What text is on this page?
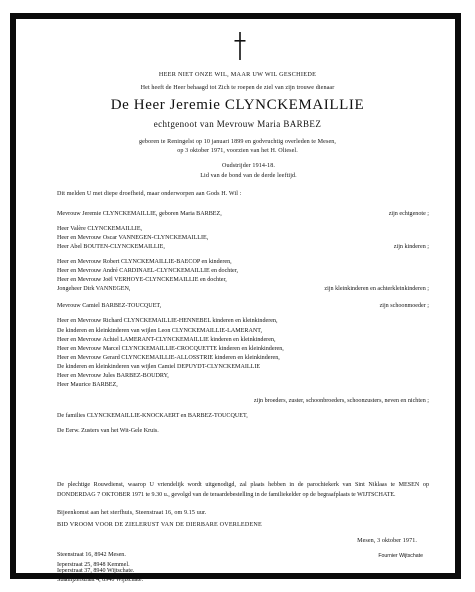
HEER NIET ONZE WIL, MAAR UW WIL GESCHIEDE
Het heeft de Heer behaagd tot Zich te roepen de ziel van zijn trouwe dienaar
De Heer Jeremie CLYNCKEMAILLIE
echtgenoot van Mevrouw Maria BARBEZ
geboren te Reningelst op 10 januari 1899 en godvruchtig overleden te Mesen,
op 3 oktober 1971, voorzien van het H. Oliesel.
Oudstrijder 1914-18.
Lid van de bond van de derde leeftijd.
Dit melden U met diepe droefheid, maar onderworpen aan Gods H. Wil :
Mevrouw Jeremie CLYNCKEMAILLIE, geboren Maria BARBEZ,	zijn echtgenote ;
Heer Valère CLYNCKEMAILLIE,
Heer en Mevrouw Oscar VANNEGEN-CLYNCKEMAILLIE,
Heer Abel BOUTEN-CLYNCKEMAILLIE,	zijn kinderen ;
Heer en Mevrouw Robert CLYNCKEMAILLIE-BAECOP en kinderen,
Heer en Mevrouw André CARDINAEL-CLYNCKEMAILLIE en dochter,
Heer en Mevrouw Joël VERHOYE-CLYNCKEMAILLIE en dochter,
Jongeheer Dirk VANNEGEN,	zijn kleinkinderen en achterkleinkinderen ;
Mevrouw Camiel BARBEZ-TOUCQUET,	zijn schoonmoeder ;
Heer en Mevrouw Richard CLYNCKEMAILLIE-HENNEBEL kinderen en kleinkinderen,
De kinderen en kleinkinderen van wijlen Leon CLYNCKEMAILLIE-LAMERANT,
Heer en Mevrouw Achiel LAMERANT-CLYNCKEMAILLIE kinderen en kleinkinderen,
Heer en Mevrouw Marcel CLYNCKEMAILLIE-CROCQUETTE kinderen en kleinkinderen,
Heer en Mevrouw Gerard CLYNCKEMAILLIE-ALLOSSTRIE kinderen en kleinkinderen,
De kinderen en kleinkinderen van wijlen Camiel DEPUYDT-CLYNCKEMAILLIE
Heer en Mevrouw Jules BARBEZ-BOUDRY,
Heer Maurice BARBEZ,
zijn broeders, zuster, schoonbroeders, schoonzusters, neven en nichten ;
De families CLYNCKEMAILLIE-KNOCKAERT en BARBEZ-TOUCQUET,
De Eerw. Zusters van het Wit-Gele Kruis.
De plechtige Rouwdienst, waarop U vriendelijk wordt uitgenodigd, zal plaats hebben in de parochiekerk van Sint Niklaas te MESEN op DONDERDAG 7 OKTOBER 1971 te 9.30 u., gevolgd van de teraardebestelling in de familiekelder op de begraafplaats te WIJTSCHATE.
Bijeenkomst aan het sterfhuis, Steenstraat 16, om 9.15 uur.
BID VROOM VOOR DE ZIELERUST VAN DE DIERBARE OVERLEDENE
Mesen, 3 oktober 1971.
Steenstraat 16, 8942 Mesen.
Ieperstraat 25, 8948 Kemmel.
Ieperstraat 37, 8940 Wijtschate.
Staanijzerstraat 4, 8940 Wijtschate.
Fournier Wijtschate
